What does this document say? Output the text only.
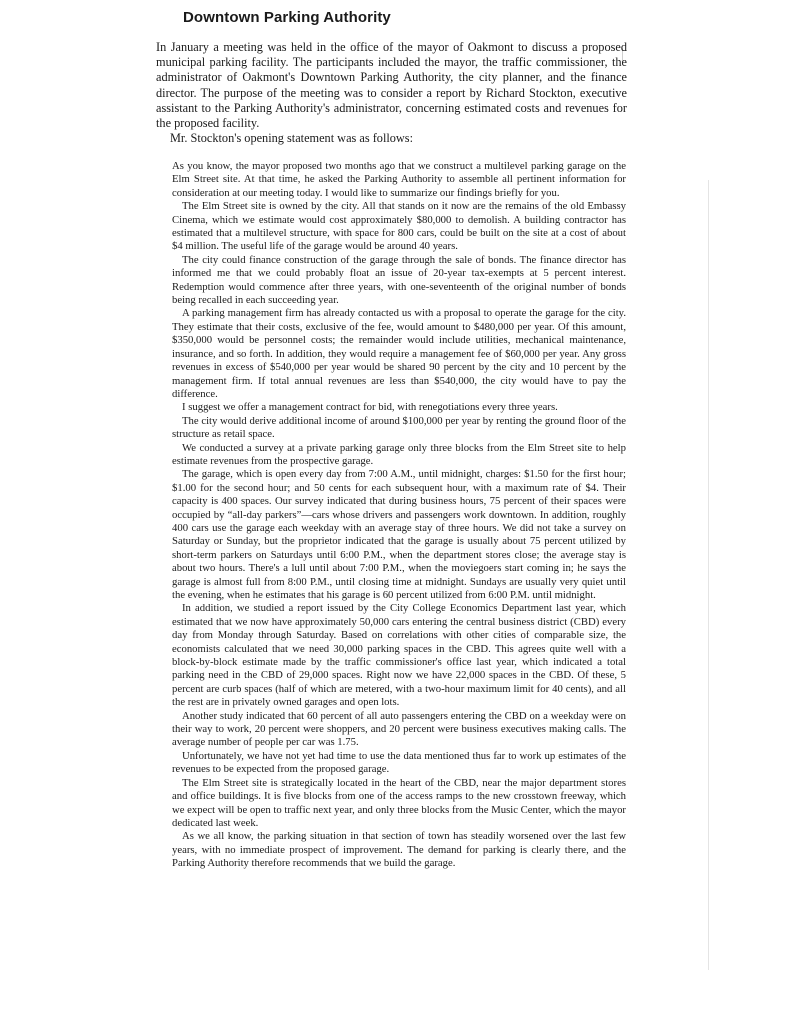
Downtown Parking Authority

In January a meeting was held in the office of the mayor of Oakmont to discuss a proposed municipal parking facility. The participants included the mayor, the traffic commissioner, the administrator of Oakmont's Downtown Parking Authority, the city planner, and the finance director. The purpose of the meeting was to consider a report by Richard Stockton, executive assistant to the Parking Authority's administrator, concerning estimated costs and revenues for the proposed facility.

Mr. Stockton's opening statement was as follows:

As you know, the mayor proposed two months ago that we construct a multilevel parking garage on the Elm Street site. At that time, he asked the Parking Authority to assemble all pertinent information for consideration at our meeting today. I would like to summarize our findings briefly for you.

The Elm Street site is owned by the city. All that stands on it now are the remains of the old Embassy Cinema, which we estimate would cost approximately $80,000 to demolish. A building contractor has estimated that a multilevel structure, with space for 800 cars, could be built on the site at a cost of about $4 million. The useful life of the garage would be around 40 years.

The city could finance construction of the garage through the sale of bonds. The finance director has informed me that we could probably float an issue of 20-year tax-exempts at 5 percent interest. Redemption would commence after three years, with one-seventeenth of the original number of bonds being recalled in each succeeding year.

A parking management firm has already contacted us with a proposal to operate the garage for the city. They estimate that their costs, exclusive of the fee, would amount to $480,000 per year. Of this amount, $350,000 would be personnel costs; the remainder would include utilities, mechanical maintenance, insurance, and so forth. In addition, they would require a management fee of $60,000 per year. Any gross revenues in excess of $540,000 per year would be shared 90 percent by the city and 10 percent by the management firm. If total annual revenues are less than $540,000, the city would have to pay the difference.

I suggest we offer a management contract for bid, with renegotiations every three years.

The city would derive additional income of around $100,000 per year by renting the ground floor of the structure as retail space.

We conducted a survey at a private parking garage only three blocks from the Elm Street site to help estimate revenues from the prospective garage.

The garage, which is open every day from 7:00 A.M., until midnight, charges: $1.50 for the first hour; $1.00 for the second hour; and 50 cents for each subsequent hour, with a maximum rate of $4. Their capacity is 400 spaces. Our survey indicated that during business hours, 75 percent of their spaces were occupied by “all-day parkers”—cars whose drivers and passengers work downtown. In addition, roughly 400 cars use the garage each weekday with an average stay of three hours. We did not take a survey on Saturday or Sunday, but the proprietor indicated that the garage is usually about 75 percent utilized by short-term parkers on Saturdays until 6:00 P.M., when the department stores close; the average stay is about two hours. There's a lull until about 7:00 P.M., when the moviegoers start coming in; he says the garage is almost full from 8:00 P.M., until closing time at midnight. Sundays are usually very quiet until the evening, when he estimates that his garage is 60 percent utilized from 6:00 P.M. until midnight.

In addition, we studied a report issued by the City College Economics Department last year, which estimated that we now have approximately 50,000 cars entering the central business district (CBD) every day from Monday through Saturday. Based on correlations with other cities of comparable size, the economists calculated that we need 30,000 parking spaces in the CBD. This agrees quite well with a block-by-block estimate made by the traffic commissioner's office last year, which indicated a total parking need in the CBD of 29,000 spaces. Right now we have 22,000 spaces in the CBD. Of these, 5 percent are curb spaces (half of which are metered, with a two-hour maximum limit for 40 cents), and all the rest are in privately owned garages and open lots.

Another study indicated that 60 percent of all auto passengers entering the CBD on a weekday were on their way to work, 20 percent were shoppers, and 20 percent were business executives making calls. The average number of people per car was 1.75.

Unfortunately, we have not yet had time to use the data mentioned thus far to work up estimates of the revenues to be expected from the proposed garage.

The Elm Street site is strategically located in the heart of the CBD, near the major department stores and office buildings. It is five blocks from one of the access ramps to the new crosstown freeway, which we expect will be open to traffic next year, and only three blocks from the Music Center, which the mayor dedicated last week.

As we all know, the parking situation in that section of town has steadily worsened over the last few years, with no immediate prospect of improvement. The demand for parking is clearly there, and the Parking Authority therefore recommends that we build the garage.
